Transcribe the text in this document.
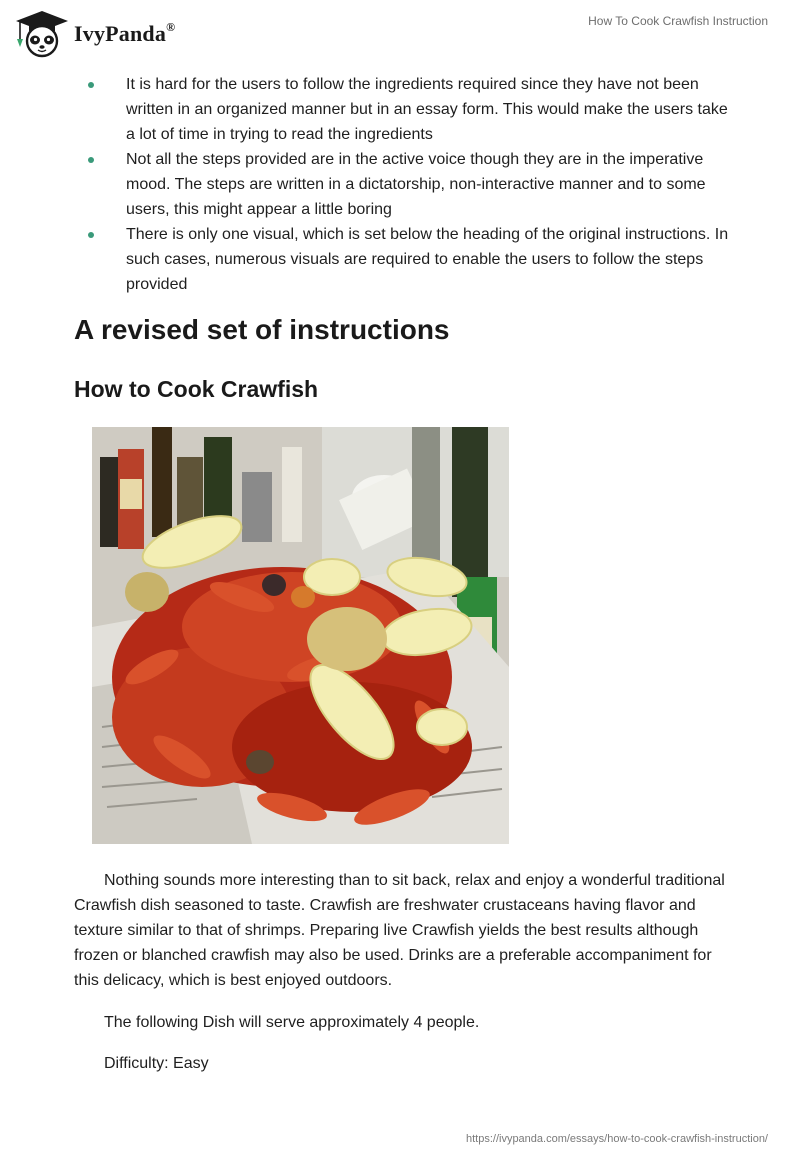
IvyPanda®	How To Cook Crawfish Instruction
It is hard for the users to follow the ingredients required since they have not been written in an organized manner but in an essay form. This would make the users take a lot of time in trying to read the ingredients
Not all the steps provided are in the active voice though they are in the imperative mood. The steps are written in a dictatorship, non-interactive manner and to some users, this might appear a little boring
There is only one visual, which is set below the heading of the original instructions. In such cases, numerous visuals are required to enable the users to follow the steps provided
A revised set of instructions
How to Cook Crawfish

Nothing sounds more interesting than to sit back, relax and enjoy a wonderful traditional Crawfish dish seasoned to taste. Crawfish are freshwater crustaceans having flavor and texture similar to that of shrimps. Preparing live Crawfish yields the best results although frozen or blanched crawfish may also be used. Drinks are a preferable accompaniment for this delicacy, which is best enjoyed outdoors.

The following Dish will serve approximately 4 people.

Difficulty: Easy

https://ivypanda.com/essays/how-to-cook-crawfish-instruction/
